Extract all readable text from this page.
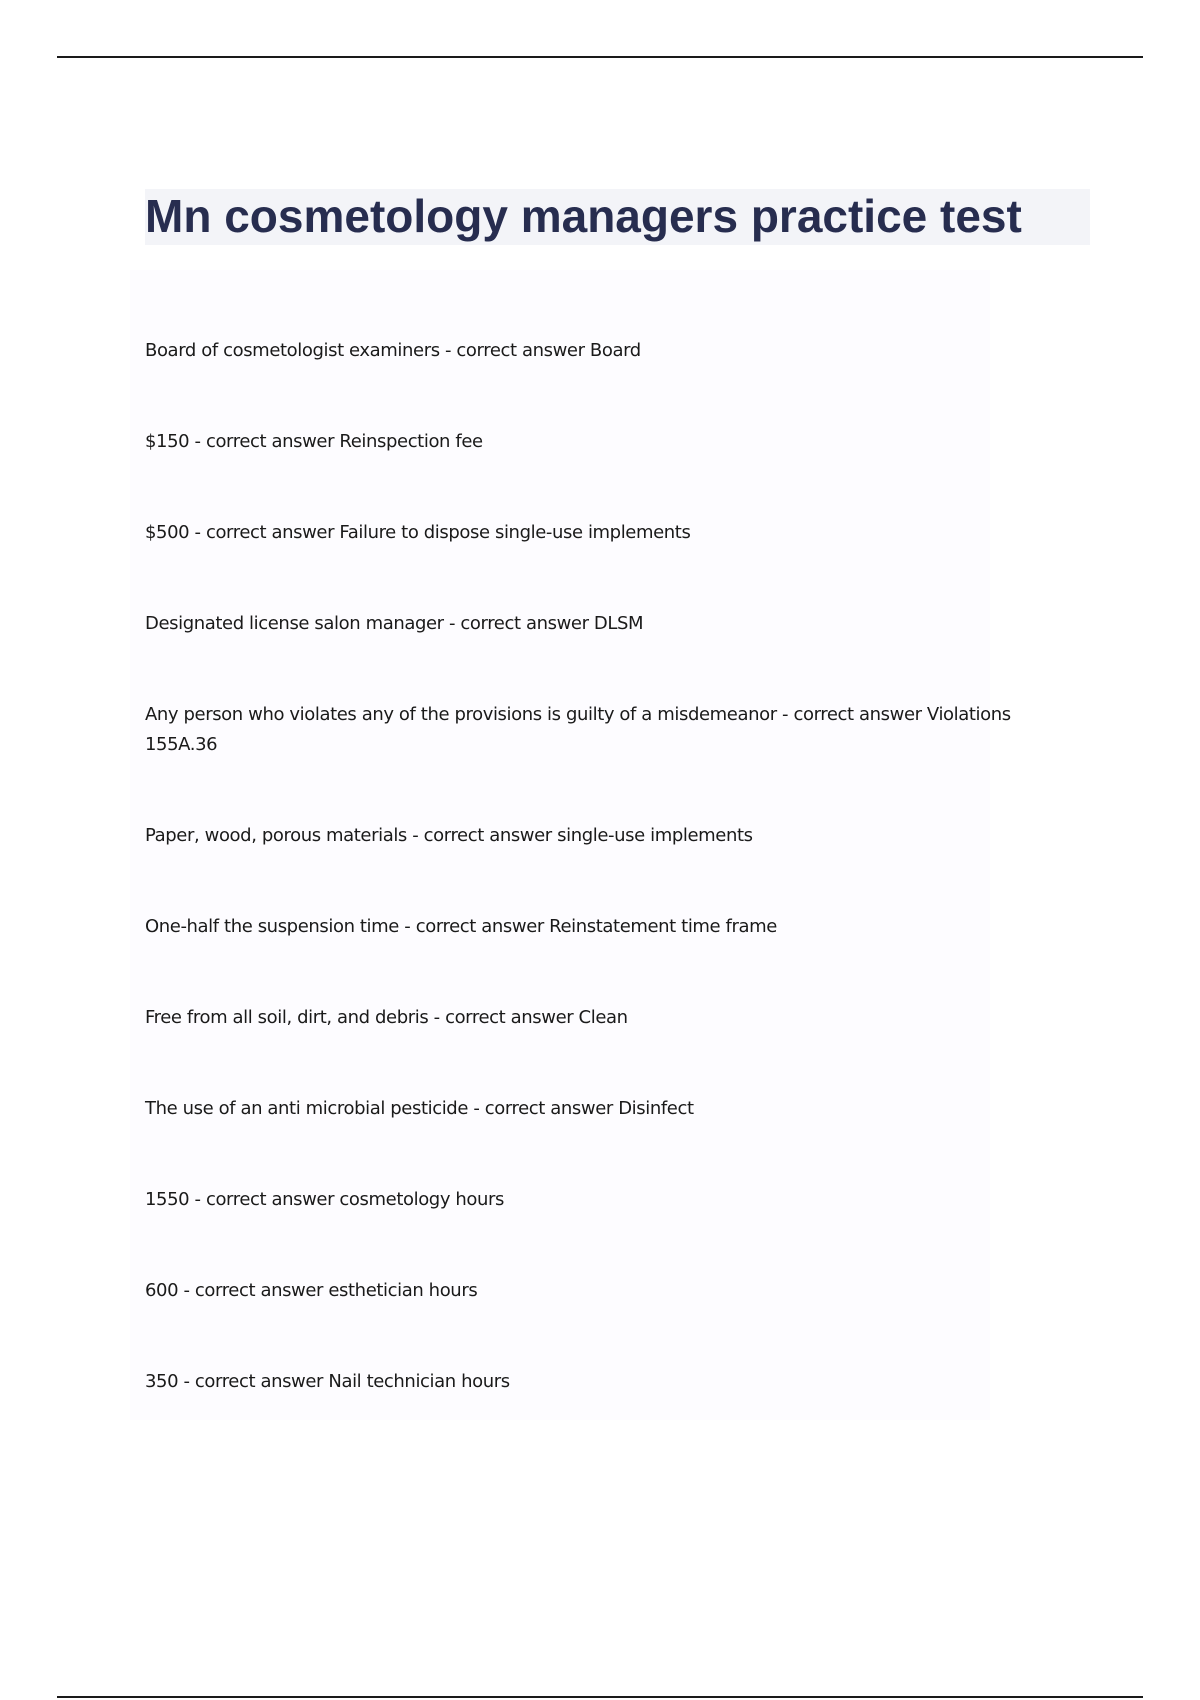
Mn cosmetology managers practice test
Board of cosmetologist examiners - correct answer Board
$150 - correct answer Reinspection fee
$500 - correct answer Failure to dispose single-use implements
Designated license salon manager - correct answer DLSM
Any person who violates any of the provisions is guilty of a misdemeanor - correct answer Violations 155A.36
Paper, wood, porous materials - correct answer single-use implements
One-half the suspension time - correct answer Reinstatement time frame
Free from all soil, dirt, and debris - correct answer Clean
The use of an anti microbial pesticide - correct answer Disinfect
1550 - correct answer cosmetology hours
600 - correct answer esthetician hours
350 - correct answer Nail technician hours
